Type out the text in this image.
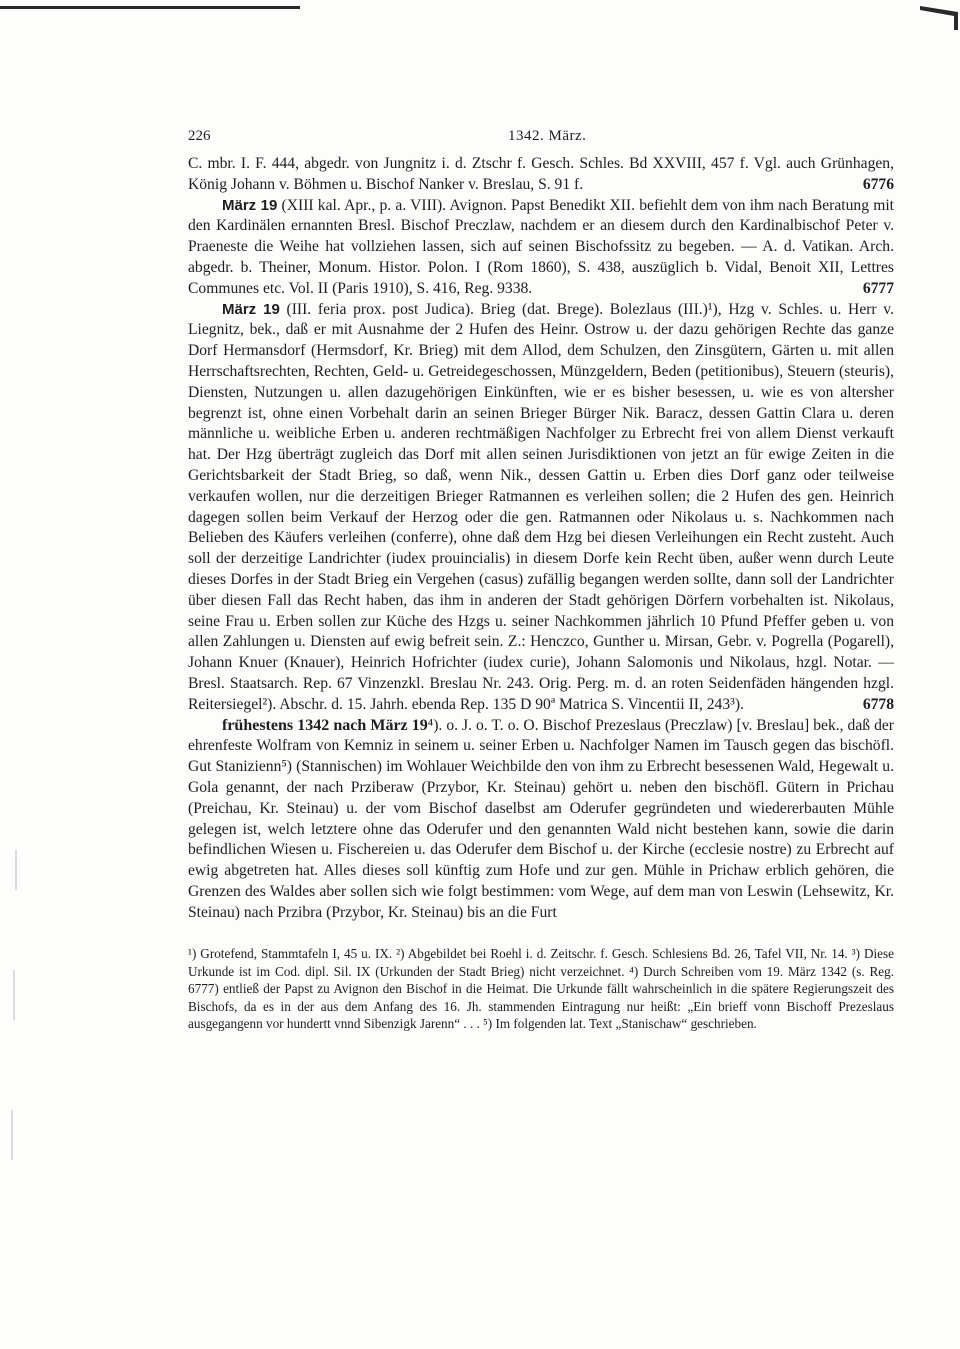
226	1342. März.

C. mbr. I. F. 444, abgedr. von Jungnitz i. d. Ztschr f. Gesch. Schles. Bd XXVIII, 457 f. Vgl. auch Grünhagen, König Johann v. Böhmen u. Bischof Nanker v. Breslau, S. 91 f.	6776

März 19 (XIII kal. Apr., p. a. VIII). Avignon. Papst Benedikt XII. befiehlt dem von ihm nach Beratung mit den Kardinälen ernannten Bresl. Bischof Preczlaw, nachdem er an diesem durch den Kardinalbischof Peter v. Praeneste die Weihe hat vollziehen lassen, sich auf seinen Bischofssitz zu begeben. — A. d. Vatikan. Arch. abgedr. b. Theiner, Monum. Histor. Polon. I (Rom 1860), S. 438, auszüglich b. Vidal, Benoit XII, Lettres Communes etc. Vol. II (Paris 1910), S. 416, Reg. 9338.	6777

März 19 (III. feria prox. post Judica). Brieg (dat. Brege). Bolezlaus (III.)¹), Hzg v. Schles. u. Herr v. Liegnitz, bek., daß er mit Ausnahme der 2 Hufen des Heinr. Ostrow u. der dazu gehörigen Rechte das ganze Dorf Hermansdorf (Hermsdorf, Kr. Brieg) mit dem Allod, dem Schulzen, den Zinsgütern, Gärten u. mit allen Herrschaftsrechten, Rechten, Geld- u. Getreidegeschossen, Münzgeldern, Beden (petitionibus), Steuern (steuris), Diensten, Nutzungen u. allen dazugehörigen Einkünften, wie er es bisher besessen, u. wie es von altersher begrenzt ist, ohne einen Vorbehalt darin an seinen Brieger Bürger Nik. Baracz, dessen Gattin Clara u. deren männliche u. weibliche Erben u. anderen rechtmäßigen Nachfolger zu Erbrecht frei von allem Dienst verkauft hat. Der Hzg überträgt zugleich das Dorf mit allen seinen Jurisdiktionen von jetzt an für ewige Zeiten in die Gerichtsbarkeit der Stadt Brieg, so daß, wenn Nik., dessen Gattin u. Erben dies Dorf ganz oder teilweise verkaufen wollen, nur die derzeitigen Brieger Ratmannen es verleihen sollen; die 2 Hufen des gen. Heinrich dagegen sollen beim Verkauf der Herzog oder die gen. Ratmannen oder Nikolaus u. s. Nachkommen nach Belieben des Käufers verleihen (conferre), ohne daß dem Hzg bei diesen Verleihungen ein Recht zusteht. Auch soll der derzeitige Landrichter (iudex prouincialis) in diesem Dorfe kein Recht üben, außer wenn durch Leute dieses Dorfes in der Stadt Brieg ein Vergehen (casus) zufällig begangen werden sollte, dann soll der Landrichter über diesen Fall das Recht haben, das ihm in anderen der Stadt gehörigen Dörfern vorbehalten ist. Nikolaus, seine Frau u. Erben sollen zur Küche des Hzgs u. seiner Nachkommen jährlich 10 Pfund Pfeffer geben u. von allen Zahlungen u. Diensten auf ewig befreit sein. Z.: Henczco, Gunther u. Mirsan, Gebr. v. Pogrella (Pogarell), Johann Knuer (Knauer), Heinrich Hofrichter (iudex curie), Johann Salomonis und Nikolaus, hzgl. Notar. — Bresl. Staatsarch. Rep. 67 Vinzenzkl. Breslau Nr. 243. Orig. Perg. m. d. an roten Seidenfäden hängenden hzgl. Reitersiegel²). Abschr. d. 15. Jahrh. ebenda Rep. 135 D 90ª Matrica S. Vincentii II, 243³).	6778

frühestens 1342 nach März 19⁴). o. J. o. T. o. O. Bischof Prezeslaus (Preczlaw) [v. Breslau] bek., daß der ehrenfeste Wolfram von Kemniz in seinem u. seiner Erben u. Nachfolger Namen im Tausch gegen das bischöfl. Gut Stanizienn⁵) (Stannischen) im Wohlauer Weichbilde den von ihm zu Erbrecht besessenen Wald, Hegewalt u. Gola genannt, der nach Prziberaw (Przybor, Kr. Steinau) gehört u. neben den bischöfl. Gütern in Prichau (Preichau, Kr. Steinau) u. der vom Bischof daselbst am Oderufer gegründeten und wiedererbauten Mühle gelegen ist, welch letztere ohne das Oderufer und den genannten Wald nicht bestehen kann, sowie die darin befindlichen Wiesen u. Fischereien u. das Oderufer dem Bischof u. der Kirche (ecclesie nostre) zu Erbrecht auf ewig abgetreten hat. Alles dieses soll künftig zum Hofe und zur gen. Mühle in Prichaw erblich gehören, die Grenzen des Waldes aber sollen sich wie folgt bestimmen: vom Wege, auf dem man von Leswin (Lehsewitz, Kr. Steinau) nach Przibra (Przybor, Kr. Steinau) bis an die Furt

¹) Grotefend, Stammtafeln I, 45 u. IX. ²) Abgebildet bei Roehl i. d. Zeitschr. f. Gesch. Schlesiens Bd. 26, Tafel VII, Nr. 14. ³) Diese Urkunde ist im Cod. dipl. Sil. IX (Urkunden der Stadt Brieg) nicht verzeichnet. ⁴) Durch Schreiben vom 19. März 1342 (s. Reg. 6777) entließ der Papst zu Avignon den Bischof in die Heimat. Die Urkunde fällt wahrscheinlich in die spätere Regierungszeit des Bischofs, da es in der aus dem Anfang des 16. Jh. stammenden Eintragung nur heißt: „Ein brieff vonn Bischoff Prezeslaus ausgegangenn vor hundertt vnnd Sibenzigk Jarenn“ . . . ⁵) Im folgenden lat. Text „Stanischaw“ geschrieben.
